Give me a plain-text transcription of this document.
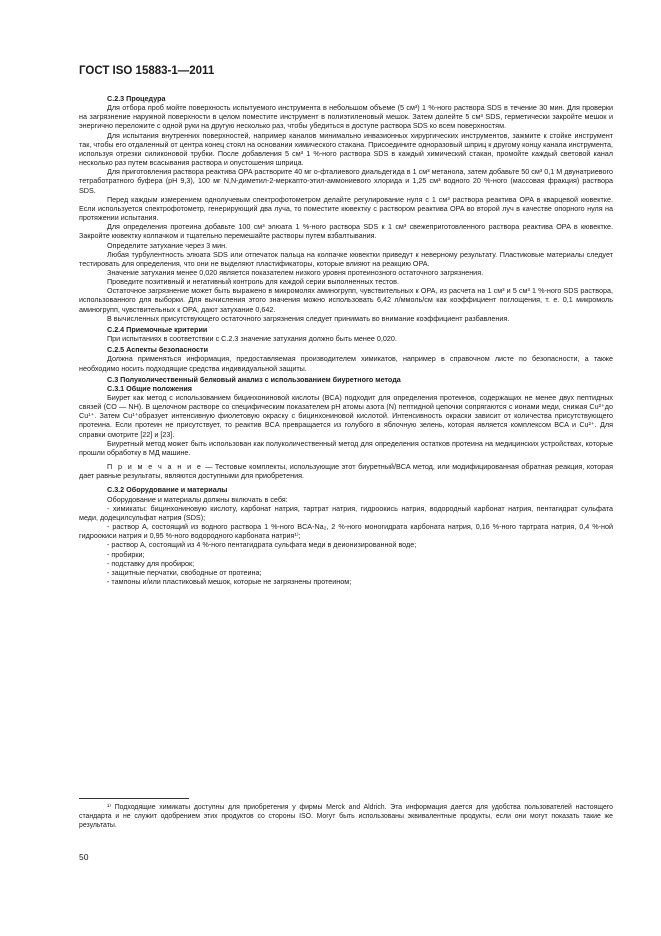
ГОСТ ISO 15883-1—2011

С.2.3 Процедура

Для отбора проб мойте поверхность испытуемого инструмента в небольшом объеме (5 см³) 1 %-ного раствора SDS в течение 30 мин. Для проверки на загрязнение наружной поверхности в целом поместите инструмент в полиэтиленовый мешок. Затем долейте 5 см³ SDS, герметически закройте мешок и энергично переложите с одной руки на другую несколько раз, чтобы убедиться в доступе раствора SDS ко всем поверхностям.

Для испытания внутренних поверхностей, например каналов минимально инвазионных хирургических инструментов, зажмите к стойке инструмент так, чтобы его отдаленный от центра конец стоял на основании химического стакана. Присоедините одноразовый шприц к другому концу канала инструмента, используя отрезки силиконовой трубки. После добавления 5 см³ 1 %-ного раствора SDS в каждый химический стакан, промойте каждый световой канал несколько раз путем всасывания раствора и опустошения шприца.

Для приготовления раствора реактива OPA растворите 40 мг о-фталиевого диальдегида в 1 см³ метанола, затем добавьте 50 см³ 0,1 М двунатриевого тетработратного буфера (рН 9,3), 100 мг N,N-диметил-2-меркапто-этил-аммониевого хлорида и 1,25 см³ водного 20 %-ного (массовая фракция) раствора SDS.

Перед каждым измерением однолучевым спектрофотометром делайте регулирование нуля с 1 см³ раствора реактива OPA в кварцевой кювектке. Если используется спектрофотометр, генерирующий два луча, то поместите кювектку с раствором реактива OPA во второй луч в качестве опорного нуля на протяжении испытания.

Для определения протеина добавьте 100 см³ элюата 1 %-ного раствора SDS к 1 см³ свежеприготовленного раствора реактива OPA в кювектке. Закройте кювектку колпачком и тщательно перемешайте растворы путем взбалтывания.

Определите затухание через 3 мин.

Любая турбулентность элюата SDS или отпечаток пальца на колпачке кювектки приведут к неверному результату. Пластиковые материалы следует тестировать для определения, что они не выделяют пластификаторы, которые влияют на реакцию OPA.

Значение затухания менее 0,020 является показателем низкого уровня протеинозного остаточного загрязнения.

Проведите позитивный и негативный контроль для каждой серии выполненных тестов.

Остаточное загрязнение может быть выражено в микромолях аминогрупп, чувствительных к OPA, из расчета на 1 см³ и 5 см³ 1 %-ного SDS раствора, использованного для выборки. Для вычисления этого значения можно использовать 6,42 л/ммоль/см как коэффициент поглощения, т. е. 0,1 микромоль аминогрупп, чувствительных к OPA, дают затухание 0,642.

В вычисленных присутствующего остаточного загрязнения следует принимать во внимание коэффициент разбавления.

С.2.4 Приемочные критерии

При испытаниях в соответствии с С.2.3 значение затухания должно быть менее 0,020.

С.2.5 Аспекты безопасности

Должна применяться информация, предоставляемая производителем химикатов, например в справочном листе по безопасности, а также необходимо носить подходящие средства индивидуальной защиты.

С.3 Полуколичественный белковый анализ с использованием биуретного метода

С.3.1 Общие положения

Биурет как метод с использованием бицинхониновой кислоты (BCA) подходит для определения протеинов, содержащих не менее двух пептидных связей (CO — NH). В щелочном растворе со специфическим показателем рН атомы азота (N) пептидной цепочки сопрягаются с ионами меди, снижая Cu²⁺до Cu¹⁺. Затем Cu¹⁺образует интенсивную фиолетовую окраску с бицинхониновой кислотой. Интенсивность окраски зависит от количества присутствующего протеина. Если протеин не присутствует, то реактив BCA превращается из голубого в яблочную зелень, которая является комплексом BCA и Cu²⁺. Для справки смотрите [22] и [23].

Биуретный метод может быть использован как полуколичественный метод для определения остатков протеина на медицинских устройствах, которые прошли обработку в МД машине.

П р и м е ч а н и е — Тестовые комплекты, использующие этот биуретный/BCA метод, или модифицированная обратная реакция, которая дает равные результаты, являются доступными для приобретения.

С.3.2 Оборудование и материалы

Оборудование и материалы должны включать в себя:

- химикаты: бицинхониновую кислоту, карбонат натрия, тартрат натрия, гидроокись натрия, водородный карбонат натрия, пентагидрат сульфата меди, додецилсульфат натрия (SDS);

- раствор А, состоящий из водного раствора 1 %-ного BCA-Na₂, 2 %-ного моногидрата карбоната натрия, 0,16 %-ного тартрата натрия, 0,4 %-ной гидроокиси натрия и 0,95 %-ного водородного карбоната натрия¹⁾;

- раствор А, состоящий из 4 %-ного пентагидрата сульфата меди в деионизированной воде;

- пробирки;

- подставку для пробирок;

- защитные перчатки, свободные от протеина;

- тампоны и/или пластиковый мешок, которые не загрязнены протеином;

¹⁾ Подходящие химикаты доступны для приобретения у фирмы Merck and Aldrich. Эта информация дается для удобства пользователей настоящего стандарта и не служит одобрением этих продуктов со стороны ISO. Могут быть использованы эквивалентные продукты, если они могут показать такие же результаты.

50
